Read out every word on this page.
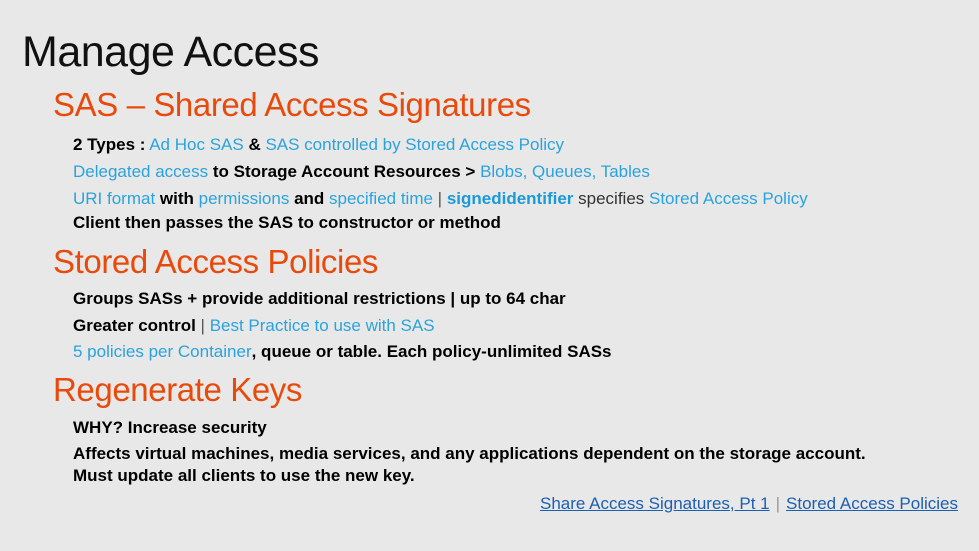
Manage Access
SAS – Shared Access Signatures
2 Types : Ad Hoc SAS & SAS controlled by Stored Access Policy
Delegated access to Storage Account Resources > Blobs, Queues, Tables
URI format with permissions and specified time | signedidentifier specifies Stored Access Policy
Client then passes the SAS to constructor or method
Stored Access Policies
Groups SASs + provide additional restrictions | up to 64 char
Greater control | Best Practice to use with SAS
5 policies per Container, queue or table. Each policy-unlimited SASs
Regenerate Keys
WHY? Increase security
Affects virtual machines, media services, and any applications dependent on the storage account.
Must update all clients to use the new key.
Share Access Signatures, Pt 1 | Stored Access Policies
